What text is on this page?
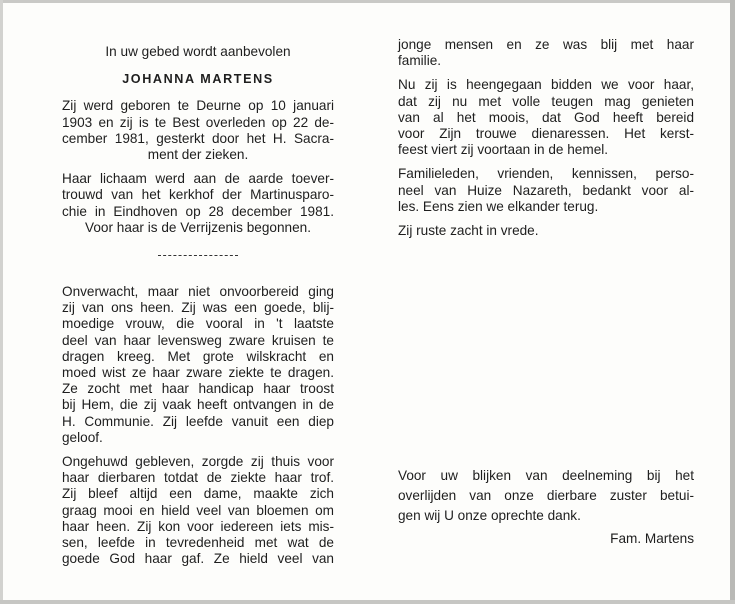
In uw gebed wordt aanbevolen
JOHANNA MARTENS
Zij werd geboren te Deurne op 10 januari
1903 en zij is te Best overleden op 22 de-
cember 1981, gesterkt door het H. Sacra-
ment der zieken.
Haar lichaam werd aan de aarde toever-
trouwd van het kerkhof der Martinusparo-
chie in Eindhoven op 28 december 1981.
Voor haar is de Verrijzenis begonnen.
Onverwacht, maar niet onvoorbereid ging
zij van ons heen. Zij was een goede, blij-
moedige vrouw, die vooral in 't laatste
deel van haar levensweg zware kruisen te
dragen kreeg. Met grote wilskracht en
moed wist ze haar zware ziekte te dragen.
Ze zocht met haar handicap haar troost
bij Hem, die zij vaak heeft ontvangen in de
H. Communie. Zij leefde vanuit een diep
geloof.
Ongehuwd gebleven, zorgde zij thuis voor
haar dierbaren totdat de ziekte haar trof.
Zij bleef altijd een dame, maakte zich
graag mooi en hield veel van bloemen om
haar heen. Zij kon voor iedereen iets mis-
sen, leefde in tevredenheid met wat de
goede God haar gaf. Ze hield veel van
jonge mensen en ze was blij met haar
familie.
Nu zij is heengegaan bidden we voor haar,
dat zij nu met volle teugen mag genieten
van al het moois, dat God heeft bereid
voor Zijn trouwe dienaressen. Het kerst-
feest viert zij voortaan in de hemel.
Familieleden, vrienden, kennissen, perso-
neel van Huize Nazareth, bedankt voor al-
les. Eens zien we elkander terug.
Zij ruste zacht in vrede.
Voor uw blijken van deelneming bij het
overlijden van onze dierbare zuster betui-
gen wij U onze oprechte dank.
Fam. Martens
